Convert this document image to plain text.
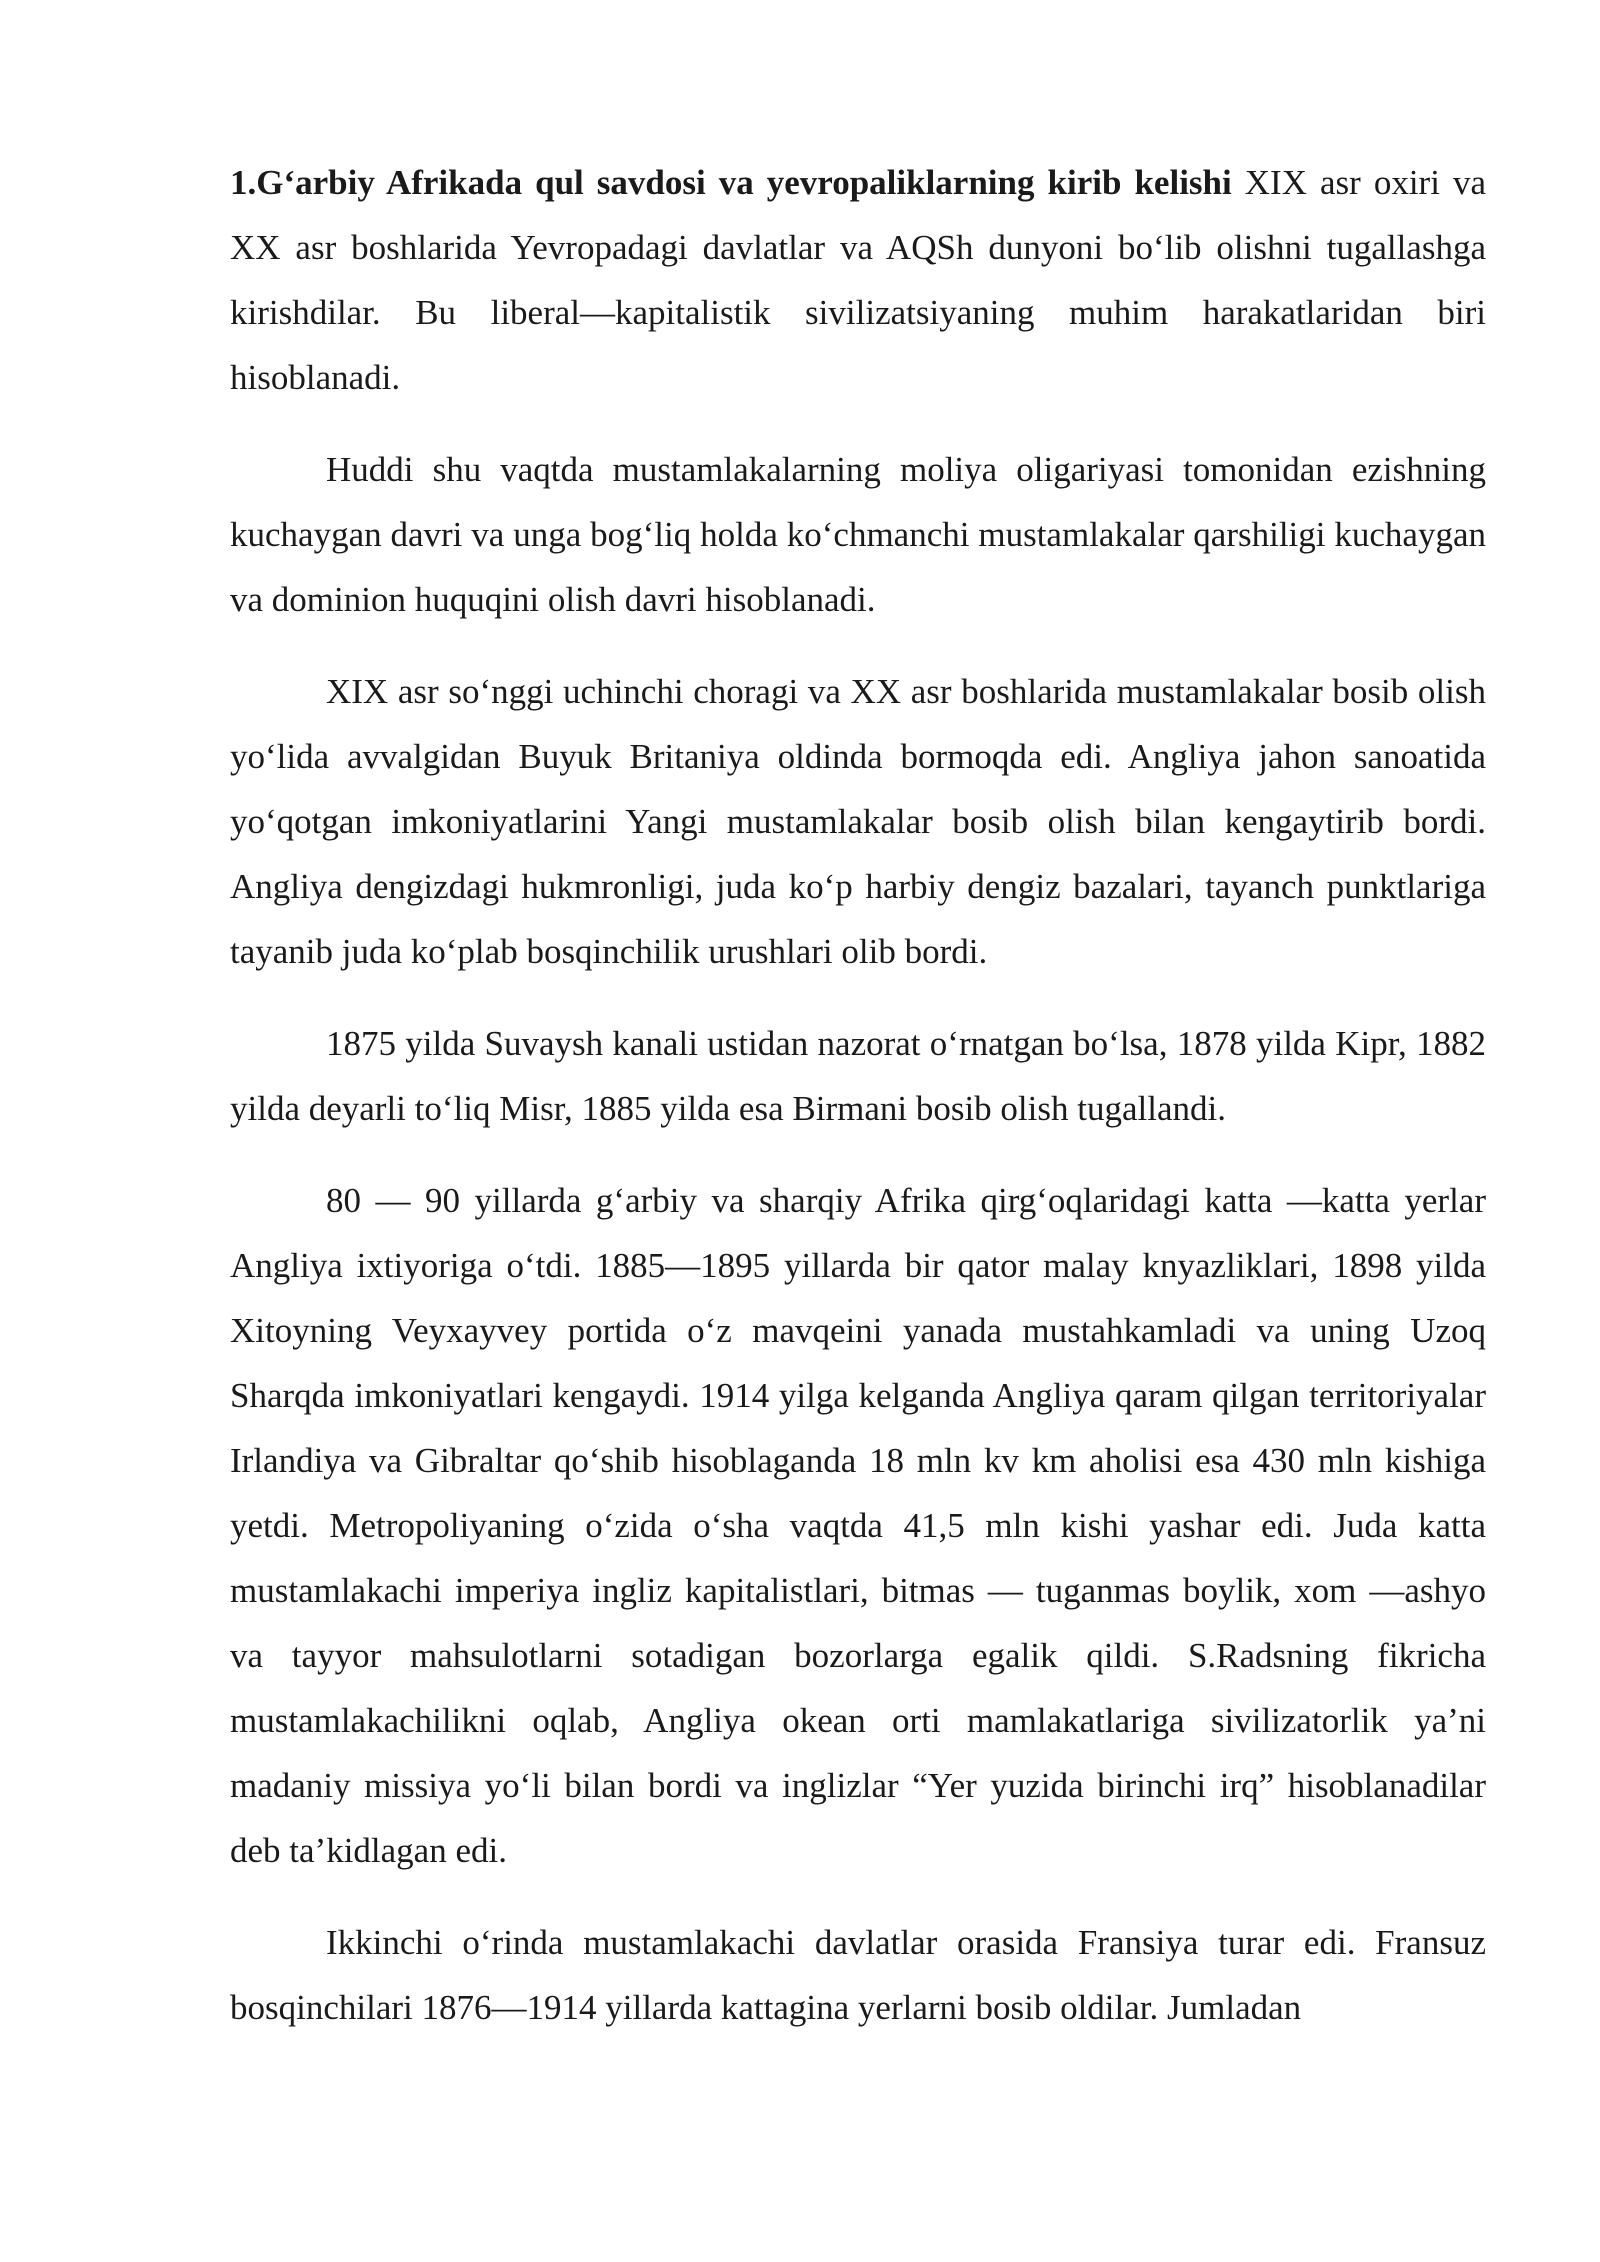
1.G‘arbiy Afrikada qul savdosi va yevropaliklarning kirib kelishi XIX asr oxiri va XX asr boshlarida Yevropadagi davlatlar va AQSh dunyoni bo‘lib olishni tugallashga kirishdilar. Bu liberal—kapitalistik sivilizatsiyaning muhim harakatlaridan biri hisoblanadi.

Huddi shu vaqtda mustamlakalarning moliya oligariyasi tomonidan ezishning kuchaygan davri va unga bog‘liq holda ko‘chmanchi mustamlakalar qarshiligi kuchaygan va dominion huquqini olish davri hisoblanadi.

XIX asr so‘nggi uchinchi choragi va XX asr boshlarida mustamlakalar bosib olish yo‘lida avvalgidan Buyuk Britaniya oldinda bormoqda edi. Angliya jahon sanoatida yo‘qotgan imkoniyatlarini Yangi mustamlakalar bosib olish bilan kengaytirib bordi. Angliya dengizdagi hukmronligi, juda ko‘p harbiy dengiz bazalari, tayanch punktlariga tayanib juda ko‘plab bosqinchilik urushlari olib bordi.

1875 yilda Suvaysh kanali ustidan nazorat o‘rnatgan bo‘lsa, 1878 yilda Kipr, 1882 yilda deyarli to‘liq Misr, 1885 yilda esa Birmani bosib olish tugallandi.

80 — 90 yillarda g‘arbiy va sharqiy Afrika qirg‘oqlaridagi katta —katta yerlar Angliya ixtiyoriga o‘tdi. 1885—1895 yillarda bir qator malay knyazliklari, 1898 yilda Xitoyning Veyxayvey portida o‘z mavqeini yanada mustahkamladi va uning Uzoq Sharqda imkoniyatlari kengaydi. 1914 yilga kelganda Angliya qaram qilgan territoriyalar Irlandiya va Gibraltar qo‘shib hisoblaganda 18 mln kv km aholisi esa 430 mln kishiga yetdi. Metropoliyaning o‘zida o‘sha vaqtda 41,5 mln kishi yashar edi. Juda katta mustamlakachi imperiya ingliz kapitalistlari, bitmas — tuganmas boylik, xom —ashyo va tayyor mahsulotlarni sotadigan bozorlarga egalik qildi. S.Radsning fikricha mustamlakachilikni oqlab, Angliya okean orti mamlakatlariga sivilizatorlik ya’ni madaniy missiya yo‘li bilan bordi va inglizlar “Yer yuzida birinchi irq” hisoblanadilar deb ta’kidlagan edi.

Ikkinchi o‘rinda mustamlakachi davlatlar orasida Fransiya turar edi. Fransuz bosqinchilari 1876—1914 yillarda kattagina yerlarni bosib oldilar. Jumladan
